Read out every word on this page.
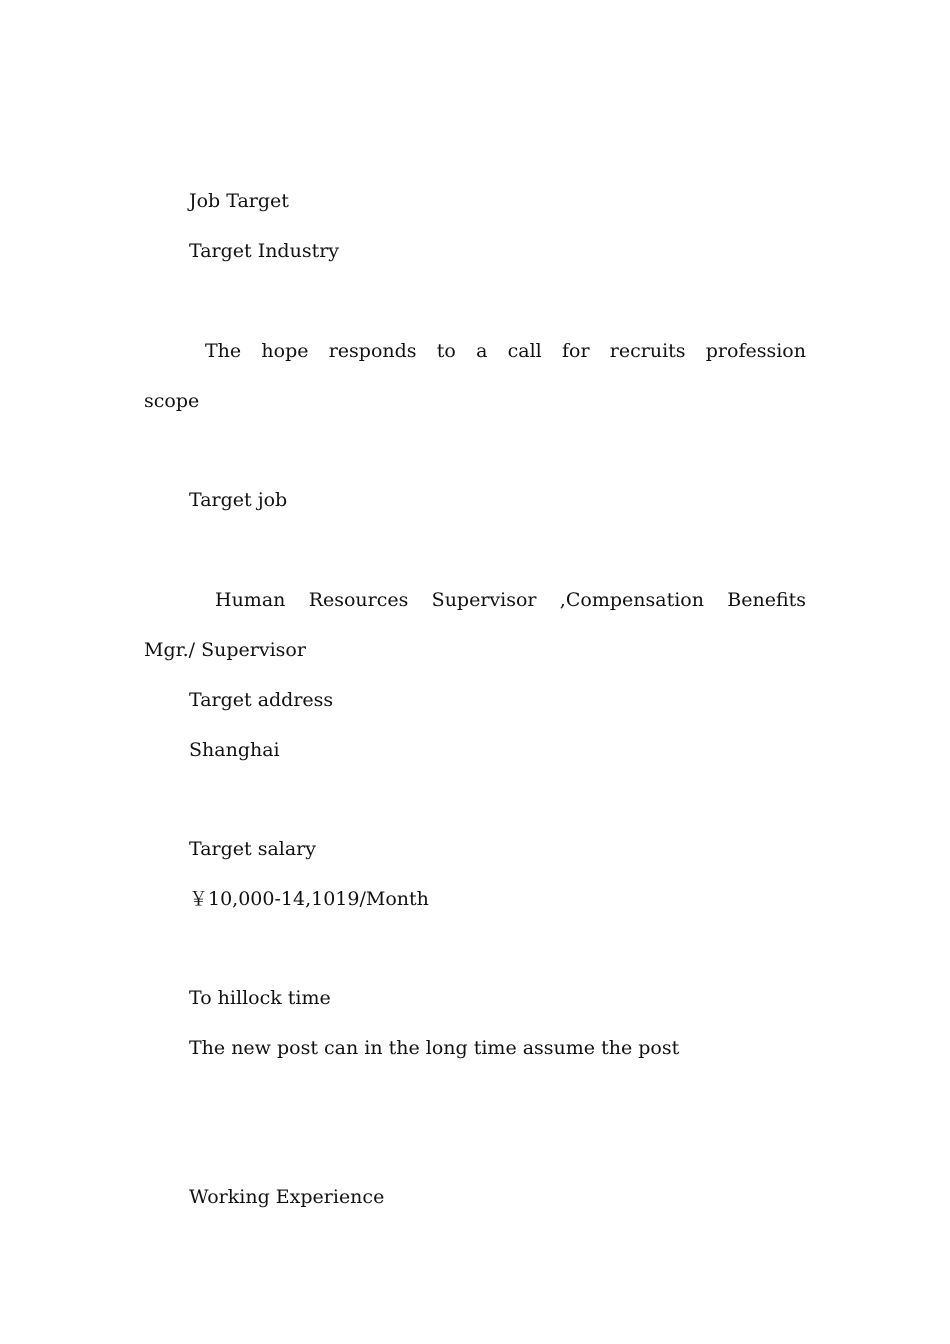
Job Target

Target Industry

The hope responds to a call for recruits profession

scope

Target job

Human Resources Supervisor ,Compensation Benefits

Mgr./ Supervisor

Target address

Shanghai

Target salary

￥10,000-14,1019/Month

To hillock time

The new post can in the long time assume the post

Working Experience
